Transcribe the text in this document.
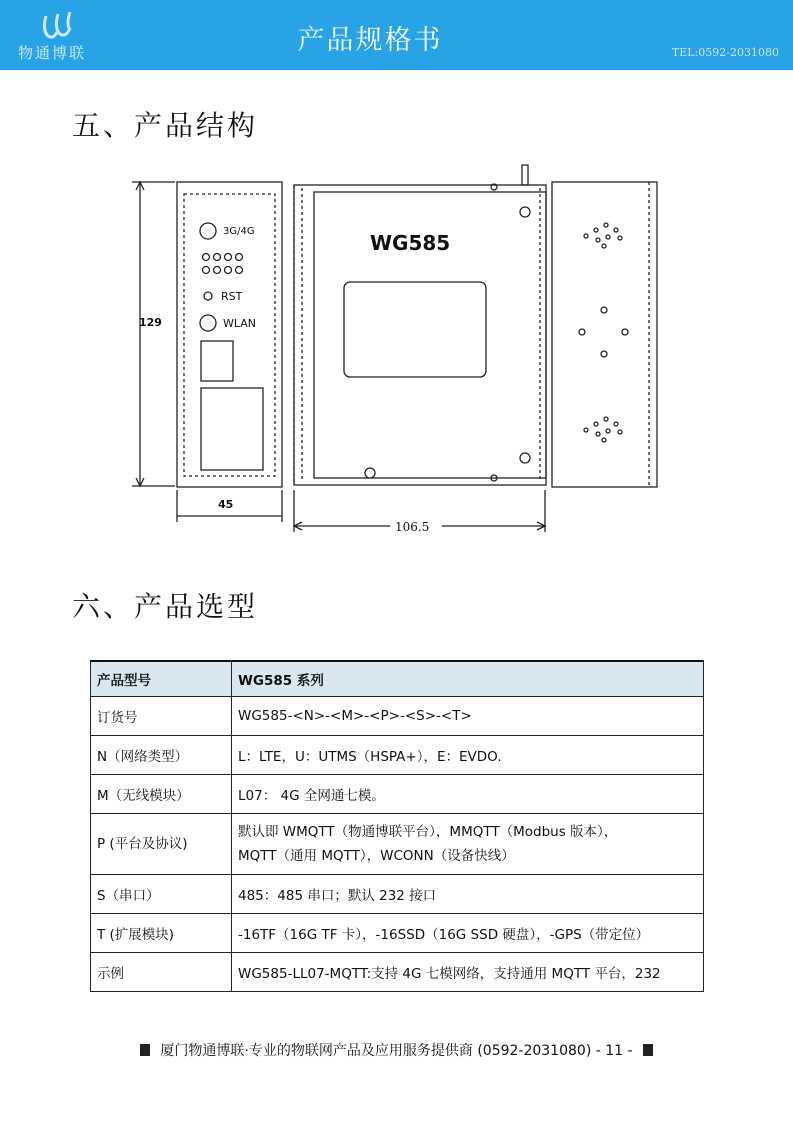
物通博联	产品规格书	TEL:0592-2031080
五、产品结构
3G/4G
RST
WLAN
129
45
106.5
WG585
六、产品选型
产品型号	WG585 系列
订货号	WG585-<N>-<M>-<P>-<S>-<T>
N（网络类型）	L：LTE，U：UTMS（HSPA+），E：EVDO.
M（无线模块）	L07： 4G 全网通七模。
P (平台及协议)	默认即 WMQTT（物通博联平台），MMQTT（Modbus 版本），
MQTT（通用 MQTT），WCONN（设备快线）

S（串口）	485：485 串口；默认 232 接口
T (扩展模块)	-16TF（16G TF 卡），-16SSD（16G SSD 硬盘），-GPS（带定位）
示例	WG585-LL07-MQTT:支持 4G 七模网络，支持通用 MQTT 平台，232
厦门物通博联·专业的物联网产品及应用服务提供商 (0592-2031080) - 11 -
